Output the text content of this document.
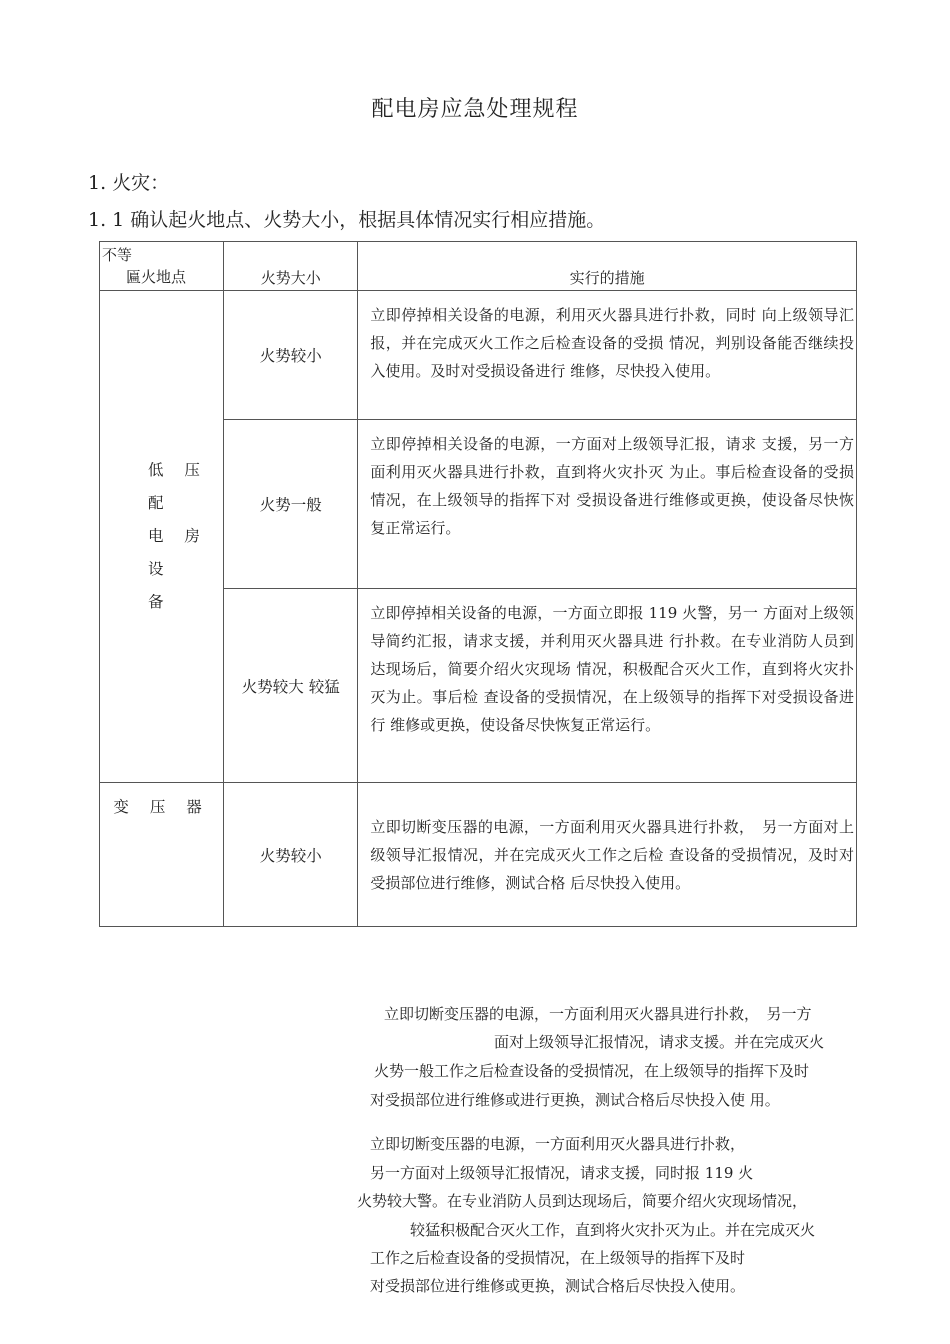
配电房应急处理规程
1. 火灾：
1. 1 确认起火地点、火势大小，根据具体情况实行相应措施。
不等
匾火地点	火势大小	实行的措施

低 压 配
电 房 设
备	火势较小	立即停掉相关设备的电源，利用灭火器具进行扑救，同时 向上级领导汇报，并在完成灭火工作之后检查设备的受损 情况，判别设备能否继续投入使用。及时对受损设备进行 维修，尽快投入使用。
	火势一般	立即停掉相关设备的电源，一方面对上级领导汇报，请求 支援，另一方面利用灭火器具进行扑救，直到将火灾扑灭 为止。事后检查设备的受损情况，在上级领导的指挥下对 受损设备进行维修或更换，使设备尽快恢复正常运行。
	火势较大 较猛	立即停掉相关设备的电源，一方面立即报 119 火警，另一 方面对上级领导简约汇报，请求支援，并利用灭火器具进 行扑救。在专业消防人员到达现场后，简要介绍火灾现场 情况，积极配合灭火工作，直到将火灾扑灭为止。事后检 查设备的受损情况，在上级领导的指挥下对受损设备进行 维修或更换，使设备尽快恢复正常运行。
变 压 器	火势较小	立即切断变压器的电源，一方面利用灭火器具进行扑救，　另一方面对上级领导汇报情况，并在完成灭火工作之后检 查设备的受损情况，及时对受损部位进行维修，测试合格 后尽快投入使用。
立即切断变压器的电源，一方面利用灭火器具进行扑救，　另一方
面对上级领导汇报情况，请求支援。并在完成灭火
火势一般工作之后检查设备的受损情况，在上级领导的指挥下及时
对受损部位进行维修或进行更换，测试合格后尽快投入使 用。
立即切断变压器的电源，一方面利用灭火器具进行扑救，
另一方面对上级领导汇报情况，请求支援，同时报 119 火
火势较大警。在专业消防人员到达现场后，简要介绍火灾现场情况，
较猛积极配合灭火工作，直到将火灾扑灭为止。并在完成灭火
工作之后检查设备的受损情况，在上级领导的指挥下及时
对受损部位进行维修或更换，测试合格后尽快投入使用。
